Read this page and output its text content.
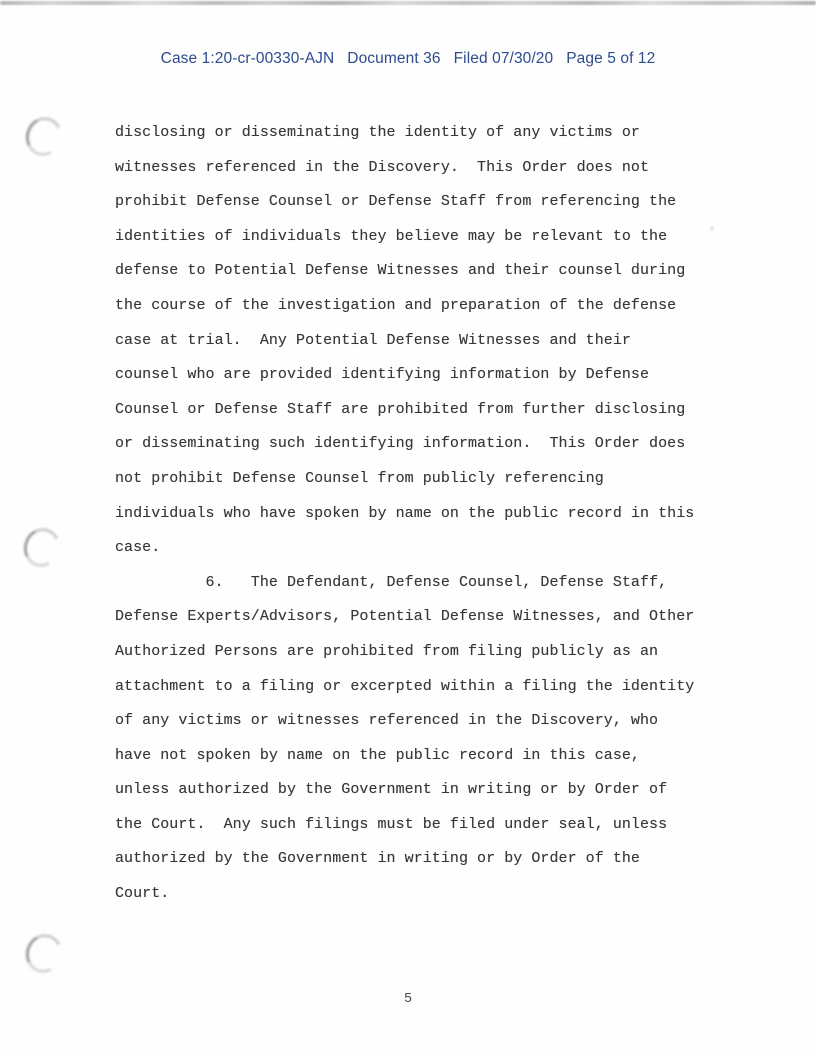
Case 1:20-cr-00330-AJN Document 36 Filed 07/30/20 Page 5 of 12
disclosing or disseminating the identity of any victims or
witnesses referenced in the Discovery.  This Order does not
prohibit Defense Counsel or Defense Staff from referencing the
identities of individuals they believe may be relevant to the
defense to Potential Defense Witnesses and their counsel during
the course of the investigation and preparation of the defense
case at trial.  Any Potential Defense Witnesses and their
counsel who are provided identifying information by Defense
Counsel or Defense Staff are prohibited from further disclosing
or disseminating such identifying information.  This Order does
not prohibit Defense Counsel from publicly referencing
individuals who have spoken by name on the public record in this
case.
6.   The Defendant, Defense Counsel, Defense Staff,
Defense Experts/Advisors, Potential Defense Witnesses, and Other
Authorized Persons are prohibited from filing publicly as an
attachment to a filing or excerpted within a filing the identity
of any victims or witnesses referenced in the Discovery, who
have not spoken by name on the public record in this case,
unless authorized by the Government in writing or by Order of
the Court.  Any such filings must be filed under seal, unless
authorized by the Government in writing or by Order of the
Court.
5
